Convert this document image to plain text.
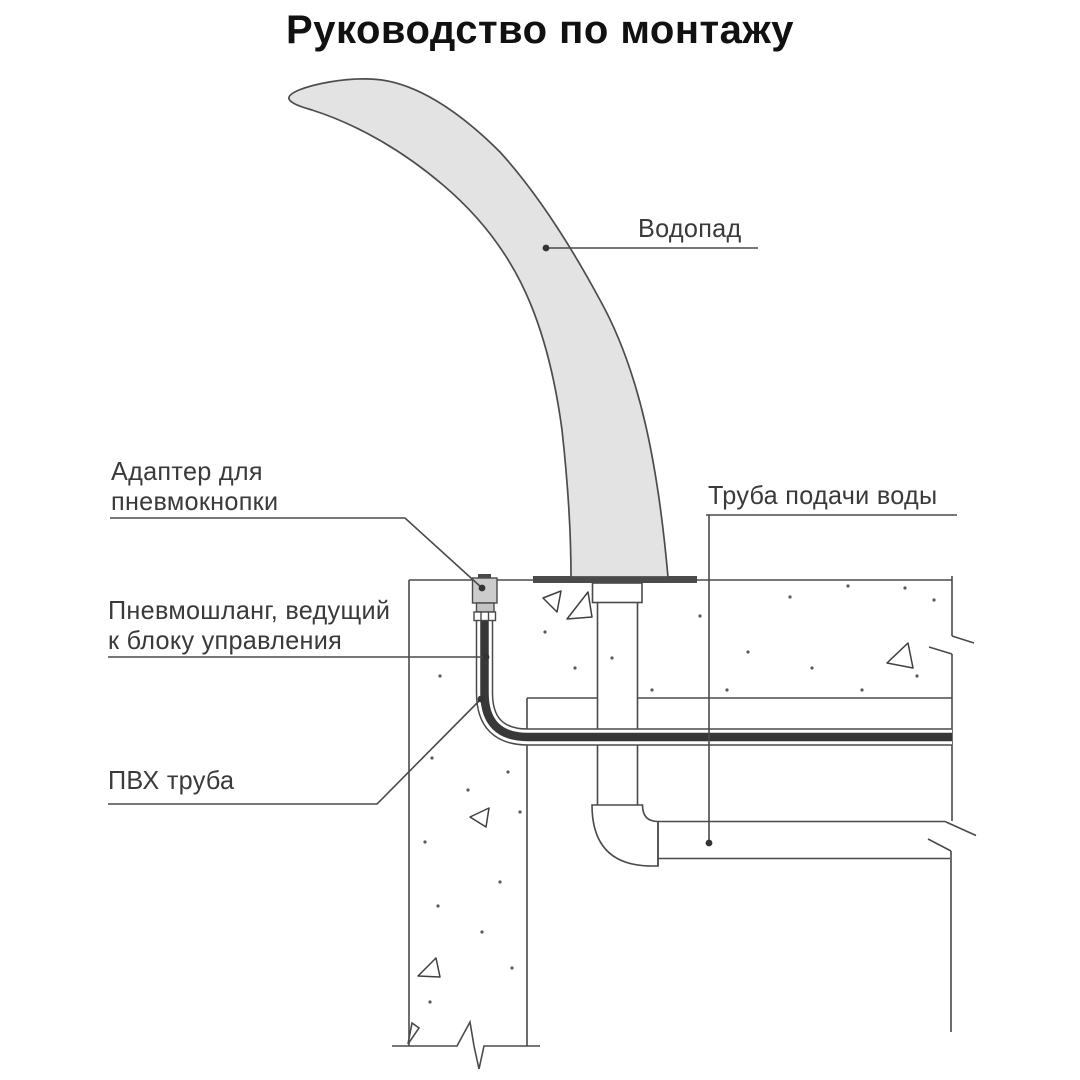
Руководство по монтажу
Водопад
Адаптер для
пневмокнопки
Пневмошланг, ведущий
к блоку управления
ПВХ труба
Труба подачи воды
